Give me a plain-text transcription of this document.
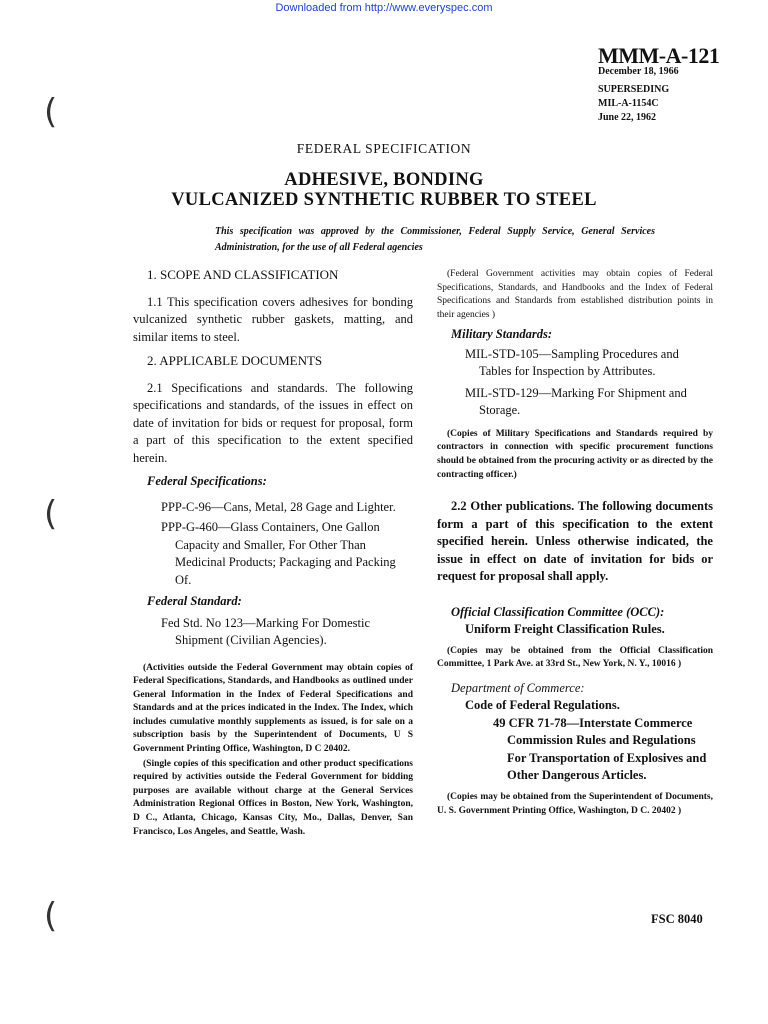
Downloaded from http://www.everyspec.com
(
(
(
MMM-A-121
December 18, 1966
SUPERSEDING
MIL-A-1154C
June 22, 1962
FEDERAL SPECIFICATION
ADHESIVE, BONDING
VULCANIZED SYNTHETIC RUBBER TO STEEL
This specification was approved by the Commissioner, Federal Supply Service, General Services Administration, for the use of all Federal agencies
1. SCOPE AND CLASSIFICATION
1.1 This specification covers adhesives for bonding vulcanized synthetic rubber gaskets, matting, and similar items to steel.
2. APPLICABLE DOCUMENTS
2.1 Specifications and standards. The following specifications and standards, of the issues in effect on date of invitation for bids or request for proposal, form a part of this specification to the extent specified herein.
Federal Specifications:
PPP-C-96—Cans, Metal, 28 Gage and Lighter.
PPP-G-460—Glass Containers, One Gallon Capacity and Smaller, For Other Than Medicinal Products; Packaging and Packing Of.
Federal Standard:
Fed Std. No 123—Marking For Domestic Shipment (Civilian Agencies).
(Activities outside the Federal Government may obtain copies of Federal Specifications, Standards, and Handbooks as outlined under General Information in the Index of Federal Specifications and Standards and at the prices indicated in the Index. The Index, which includes cumulative monthly supplements as issued, is for sale on a subscription basis by the Superintendent of Documents, U S Government Printing Office, Washington, D C 20402.
(Single copies of this specification and other product specifications required by activities outside the Federal Government for bidding purposes are available without charge at the General Services Administration Regional Offices in Boston, New York, Washington, D C., Atlanta, Chicago, Kansas City, Mo., Dallas, Denver, San Francisco, Los Angeles, and Seattle, Wash.
(Federal Government activities may obtain copies of Federal Specifications, Standards, and Handbooks and the Index of Federal Specifications and Standards from established distribution points in their agencies )
Military Standards:
MIL-STD-105—Sampling Procedures and Tables for Inspection by Attributes.
MIL-STD-129—Marking For Shipment and Storage.
(Copies of Military Specifications and Standards required by contractors in connection with specific procurement functions should be obtained from the procuring activity or as directed by the contracting officer.)
2.2 Other publications. The following documents form a part of this specification to the extent specified herein. Unless otherwise indicated, the issue in effect on date of invitation for bids or request for proposal shall apply.
Official Classification Committee (OCC):
Uniform Freight Classification Rules.
(Copies may be obtained from the Official Classification Committee, 1 Park Ave. at 33rd St., New York, N. Y., 10016 )
Department of Commerce:
Code of Federal Regulations.
49 CFR 71-78—Interstate Commerce Commission Rules and Regulations For Transportation of Explosives and Other Dangerous Articles.
(Copies may be obtained from the Superintendent of Documents, U. S. Government Printing Office, Washington, D C. 20402 )
FSC 8040
